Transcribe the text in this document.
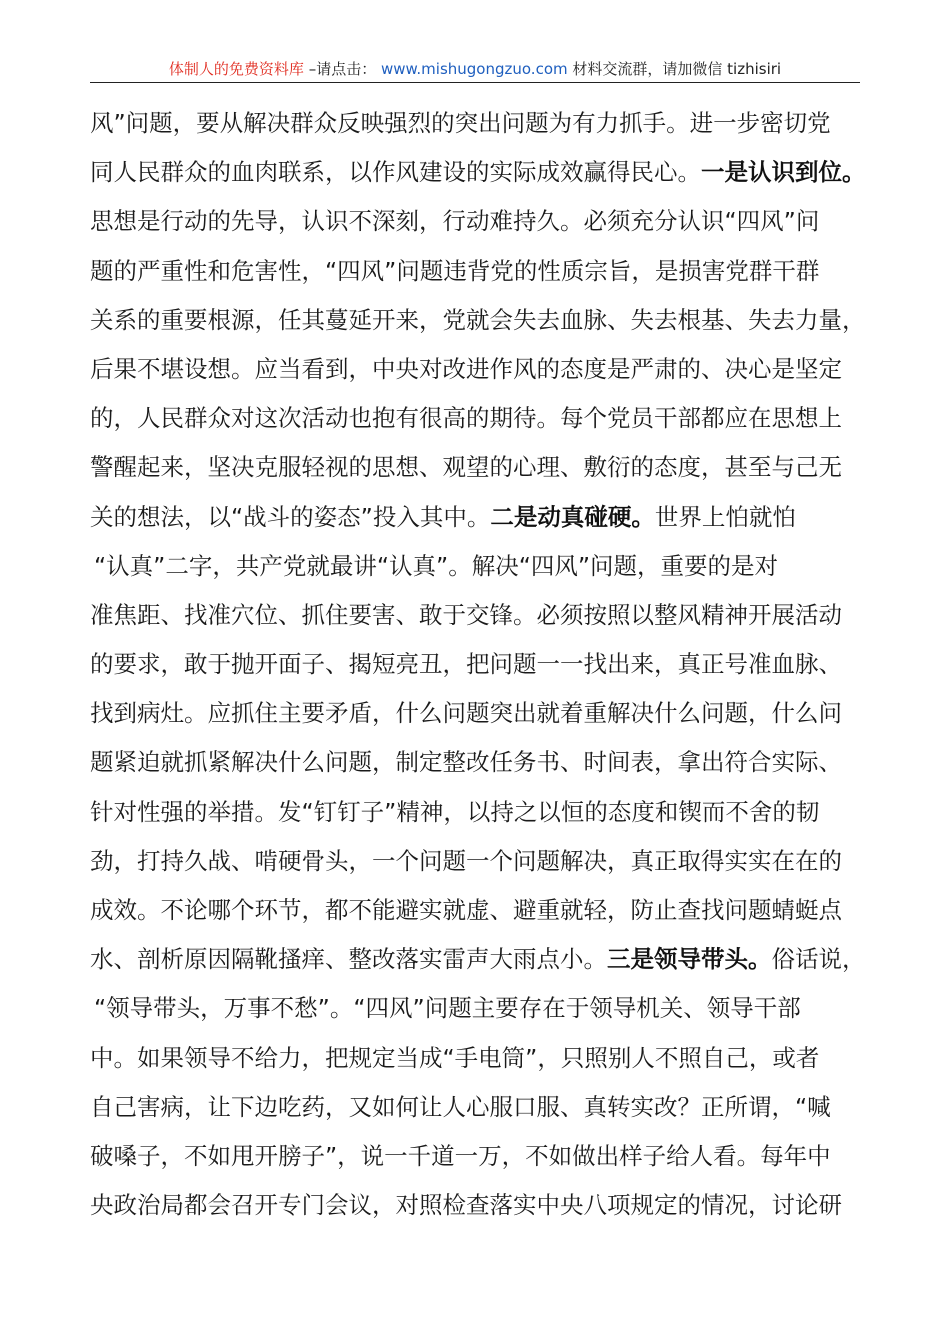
体制人的免费资料库 –请点击： www.mishugongzuo.com 材料交流群，请加微信 tizhisiri
风”问题，要从解决群众反映强烈的突出问题为有力抓手。进一步密切党
同人民群众的血肉联系，以作风建设的实际成效赢得民心。一是认识到位。
思想是行动的先导，认识不深刻，行动难持久。必须充分认识“四风”问
题的严重性和危害性，“四风”问题违背党的性质宗旨，是损害党群干群
关系的重要根源，任其蔓延开来，党就会失去血脉、失去根基、失去力量，
后果不堪设想。应当看到，中央对改进作风的态度是严肃的、决心是坚定
的，人民群众对这次活动也抱有很高的期待。每个党员干部都应在思想上
警醒起来，坚决克服轻视的思想、观望的心理、敷衍的态度，甚至与己无
关的想法，以“战斗的姿态”投入其中。二是动真碰硬。世界上怕就怕
“认真”二字，共产党就最讲“认真”。解决“四风”问题，重要的是对
准焦距、找准穴位、抓住要害、敢于交锋。必须按照以整风精神开展活动
的要求，敢于抛开面子、揭短亮丑，把问题一一找出来，真正号准血脉、
找到病灶。应抓住主要矛盾，什么问题突出就着重解决什么问题，什么问
题紧迫就抓紧解决什么问题，制定整改任务书、时间表，拿出符合实际、
针对性强的举措。发“钉钉子”精神，以持之以恒的态度和锲而不舍的韧
劲，打持久战、啃硬骨头，一个问题一个问题解决，真正取得实实在在的
成效。不论哪个环节，都不能避实就虚、避重就轻，防止查找问题蜻蜓点
水、剖析原因隔靴搔痒、整改落实雷声大雨点小。三是领导带头。俗话说，
“领导带头，万事不愁”。“四风”问题主要存在于领导机关、领导干部
中。如果领导不给力，把规定当成“手电筒”，只照别人不照自己，或者
自己害病，让下边吃药，又如何让人心服口服、真转实改？正所谓，“喊
破嗓子，不如甩开膀子”，说一千道一万，不如做出样子给人看。每年中
央政治局都会召开专门会议，对照检查落实中央八项规定的情况，讨论研
